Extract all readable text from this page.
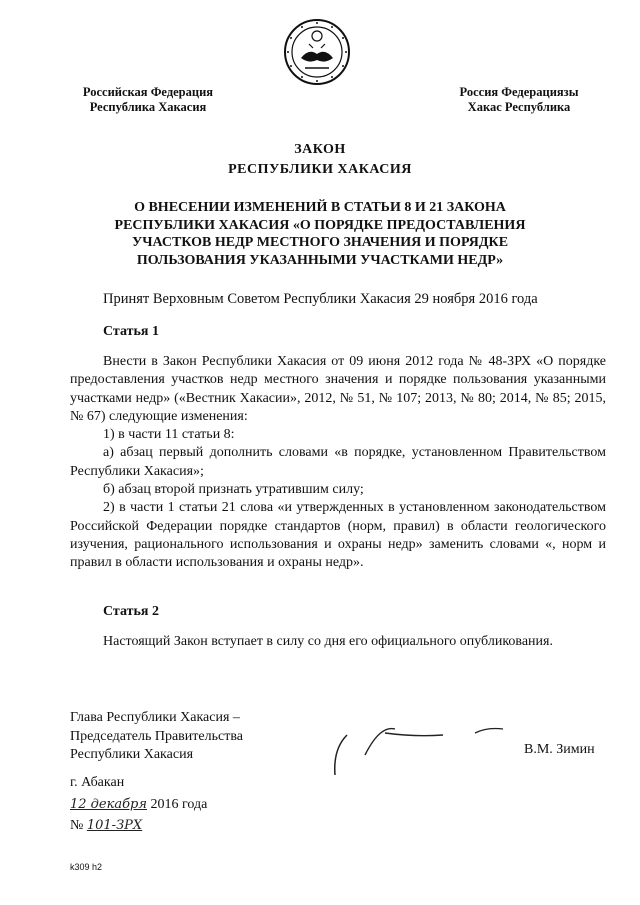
Российская Федерация
Республика Хакасия
Россия Федерациязы
Хакас Республика
ЗАКОН
РЕСПУБЛИКИ ХАКАСИЯ
О ВНЕСЕНИИ ИЗМЕНЕНИЙ В СТАТЬИ 8 И 21 ЗАКОНА РЕСПУБЛИКИ ХАКАСИЯ «О ПОРЯДКЕ ПРЕДОСТАВЛЕНИЯ УЧАСТКОВ НЕДР МЕСТНОГО ЗНАЧЕНИЯ И ПОРЯДКЕ ПОЛЬЗОВАНИЯ УКАЗАННЫМИ УЧАСТКАМИ НЕДР»
Принят Верховным Советом Республики Хакасия 29 ноября 2016 года
Статья 1

Внести в Закон Республики Хакасия от 09 июня 2012 года № 48-ЗРХ «О порядке предоставления участков недр местного значения и порядке пользования указанными участками недр» («Вестник Хакасии», 2012, № 51, № 107; 2013, № 80; 2014, № 85; 2015, № 67) следующие изменения:

1) в части 11 статьи 8:

а) абзац первый дополнить словами «в порядке, установленном Правительством Республики Хакасия»;

б) абзац второй признать утратившим силу;

2) в части 1 статьи 21 слова «и утвержденных в установленном законодательством Российской Федерации порядке стандартов (норм, правил) в области геологического изучения, рационального использования и охраны недр» заменить словами «, норм и правил в области использования и охраны недр».

Статья 2
Настоящий Закон вступает в силу со дня его официального опубликования.
Глава Республики Хакасия –
Председатель Правительства
Республики Хакасия	В.М. Зимин
г. Абакан
12 декабря 2016 года
№ 101-ЗРХ
k309 h2
